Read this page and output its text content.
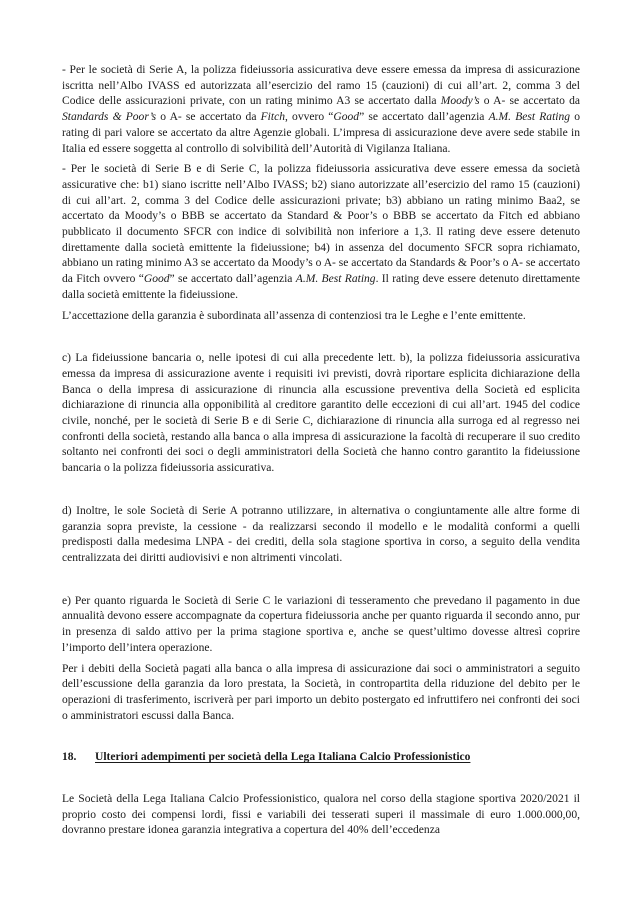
- Per le società di Serie A, la polizza fideiussoria assicurativa deve essere emessa da impresa di assicurazione iscritta nell’Albo IVASS ed autorizzata all’esercizio del ramo 15 (cauzioni) di cui all’art. 2, comma 3 del Codice delle assicurazioni private, con un rating minimo A3 se accertato dalla Moody’s o A- se accertato da Standards & Poor’s o A- se accertato da Fitch, ovvero “Good” se accertato dall’agenzia A.M. Best Rating o rating di pari valore se accertato da altre Agenzie globali. L’impresa di assicurazione deve avere sede stabile in Italia ed essere soggetta al controllo di solvibilità dell’Autorità di Vigilanza Italiana.

- Per le società di Serie B e di Serie C, la polizza fideiussoria assicurativa deve essere emessa da società assicurative che: b1) siano iscritte nell’Albo IVASS; b2) siano autorizzate all’esercizio del ramo 15 (cauzioni) di cui all’art. 2, comma 3 del Codice delle assicurazioni private; b3) abbiano un rating minimo Baa2, se accertato da Moody’s o BBB se accertato da Standard & Poor’s o BBB se accertato da Fitch ed abbiano pubblicato il documento SFCR con indice di solvibilità non inferiore a 1,3. Il rating deve essere detenuto direttamente dalla società emittente la fideiussione; b4) in assenza del documento SFCR sopra richiamato, abbiano un rating minimo A3 se accertato da Moody’s o A- se accertato da Standards & Poor’s o A- se accertato da Fitch ovvero “Good” se accertato dall’agenzia A.M. Best Rating. Il rating deve essere detenuto direttamente dalla società emittente la fideiussione.

L’accettazione della garanzia è subordinata all’assenza di contenziosi tra le Leghe e l’ente emittente.

c) La fideiussione bancaria o, nelle ipotesi di cui alla precedente lett. b), la polizza fideiussoria assicurativa emessa da impresa di assicurazione avente i requisiti ivi previsti, dovrà riportare esplicita dichiarazione della Banca o della impresa di assicurazione di rinuncia alla escussione preventiva della Società ed esplicita dichiarazione di rinuncia alla opponibilità al creditore garantito delle eccezioni di cui all’art. 1945 del codice civile, nonché, per le società di Serie B e di Serie C, dichiarazione di rinuncia alla surroga ed al regresso nei confronti della società, restando alla banca o alla impresa di assicurazione la facoltà di recuperare il suo credito soltanto nei confronti dei soci o degli amministratori della Società che hanno contro garantito la fideiussione bancaria o la polizza fideiussoria assicurativa.

d) Inoltre, le sole Società di Serie A potranno utilizzare, in alternativa o congiuntamente alle altre forme di garanzia sopra previste, la cessione - da realizzarsi secondo il modello e le modalità conformi a quelli predisposti dalla medesima LNPA - dei crediti, della sola stagione sportiva in corso, a seguito della vendita centralizzata dei diritti audiovisivi e non altrimenti vincolati.

e) Per quanto riguarda le Società di Serie C le variazioni di tesseramento che prevedano il pagamento in due annualità devono essere accompagnate da copertura fideiussoria anche per quanto riguarda il secondo anno, pur in presenza di saldo attivo per la prima stagione sportiva e, anche se quest’ultimo dovesse altresì coprire l’importo dell’intera operazione.

Per i debiti della Società pagati alla banca o alla impresa di assicurazione dai soci o amministratori a seguito dell’escussione della garanzia da loro prestata, la Società, in contropartita della riduzione del debito per le operazioni di trasferimento, iscriverà per pari importo un debito postergato ed infruttifero nei confronti dei soci o amministratori escussi dalla Banca.

18.	Ulteriori adempimenti per società della Lega Italiana Calcio Professionistico

Le Società della Lega Italiana Calcio Professionistico, qualora nel corso della stagione sportiva 2020/2021 il proprio costo dei compensi lordi, fissi e variabili dei tesserati superi il massimale di euro 1.000.000,00, dovranno prestare idonea garanzia integrativa a copertura del 40% dell’eccedenza
